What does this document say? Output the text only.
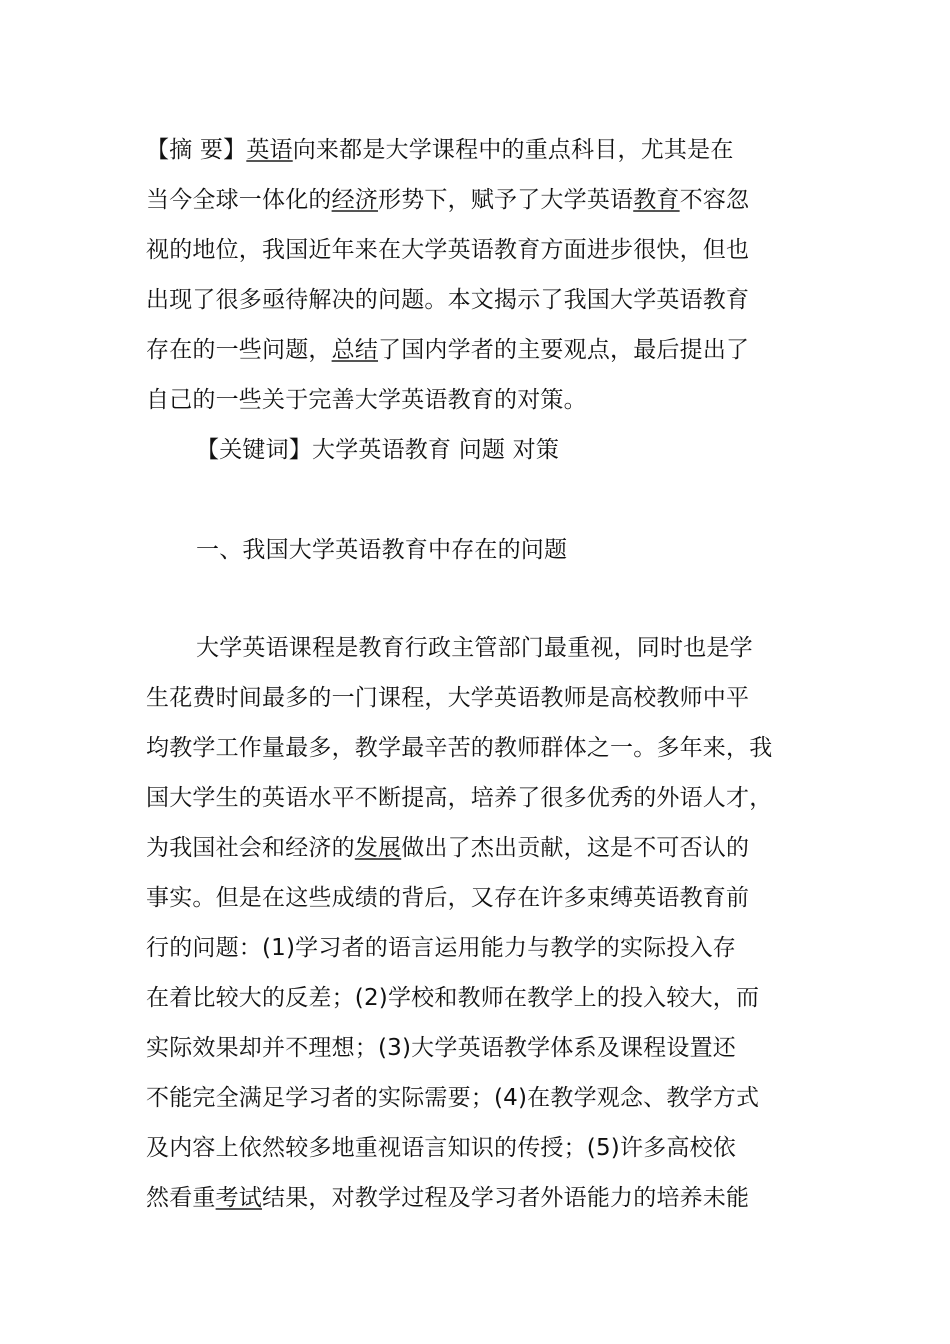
【摘 要】英语向来都是大学课程中的重点科目，尤其是在
当今全球一体化的经济形势下，赋予了大学英语教育不容忽
视的地位，我国近年来在大学英语教育方面进步很快，但也
出现了很多亟待解决的问题。本文揭示了我国大学英语教育
存在的一些问题，总结了国内学者的主要观点，最后提出了
自己的一些关于完善大学英语教育的对策。
【关键词】大学英语教育 问题 对策
一、我国大学英语教育中存在的问题
大学英语课程是教育行政主管部门最重视，同时也是学
生花费时间最多的一门课程，大学英语教师是高校教师中平
均教学工作量最多，教学最辛苦的教师群体之一。多年来，我
国大学生的英语水平不断提高，培养了很多优秀的外语人才，
为我国社会和经济的发展做出了杰出贡献，这是不可否认的
事实。但是在这些成绩的背后，又存在许多束缚英语教育前
行的问题：(1)学习者的语言运用能力与教学的实际投入存
在着比较大的反差；(2)学校和教师在教学上的投入较大，而
实际效果却并不理想；(3)大学英语教学体系及课程设置还
不能完全满足学习者的实际需要；(4)在教学观念、教学方式
及内容上依然较多地重视语言知识的传授；(5)许多高校依
然看重考试结果，对教学过程及学习者外语能力的培养未能
